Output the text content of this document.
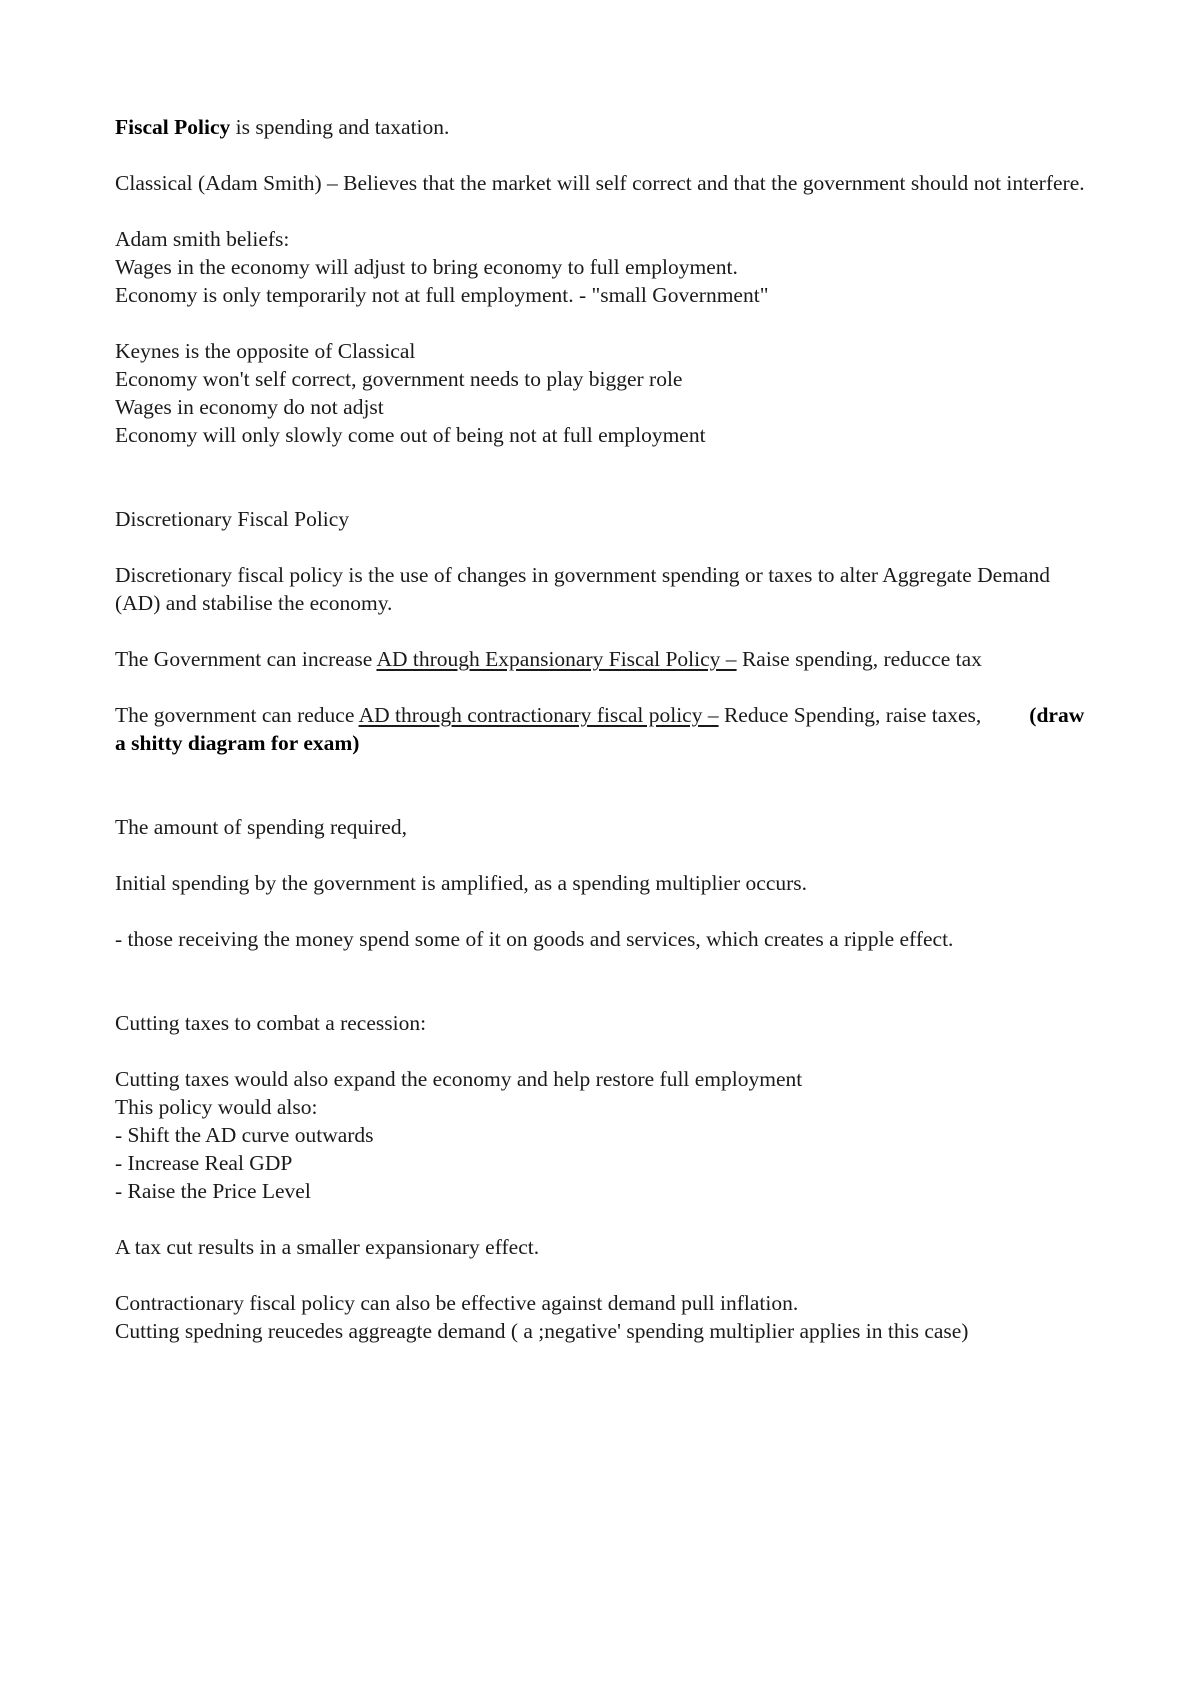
Fiscal Policy is spending and taxation.

Classical (Adam Smith) – Believes that the market will self correct and that the government should not interfere.

Adam smith beliefs:
Wages in the economy will adjust to bring economy to full employment.
Economy is only temporarily not at full employment. - "small Government"
Keynes is the opposite of Classical
Economy won't self correct, government needs to play bigger role
Wages in economy do not adjst
Economy will only slowly come out of being not at full employment

Discretionary Fiscal Policy

Discretionary fiscal policy is the use of changes in government spending or taxes to alter Aggregate Demand (AD) and stabilise the economy.

The Government can increase AD through Expansionary Fiscal Policy – Raise spending, reducce tax

The government can reduce AD through contractionary fiscal policy – Reduce Spending, raise taxes, (draw a shitty diagram for exam)

The amount of spending required,

Initial spending by the government is amplified, as a spending multiplier occurs.

- those receiving the money spend some of it on goods and services, which creates a ripple effect.

Cutting taxes to combat a recession:

Cutting taxes would also expand the economy and help restore full employment
This policy would also:
- Shift the AD curve outwards
- Increase Real GDP
- Raise the Price Level

A tax cut results in a smaller expansionary effect.

Contractionary fiscal policy can also be effective against demand pull inflation.
Cutting spedning reucedes aggreagte demand ( a ;negative' spending multiplier applies in this case)
